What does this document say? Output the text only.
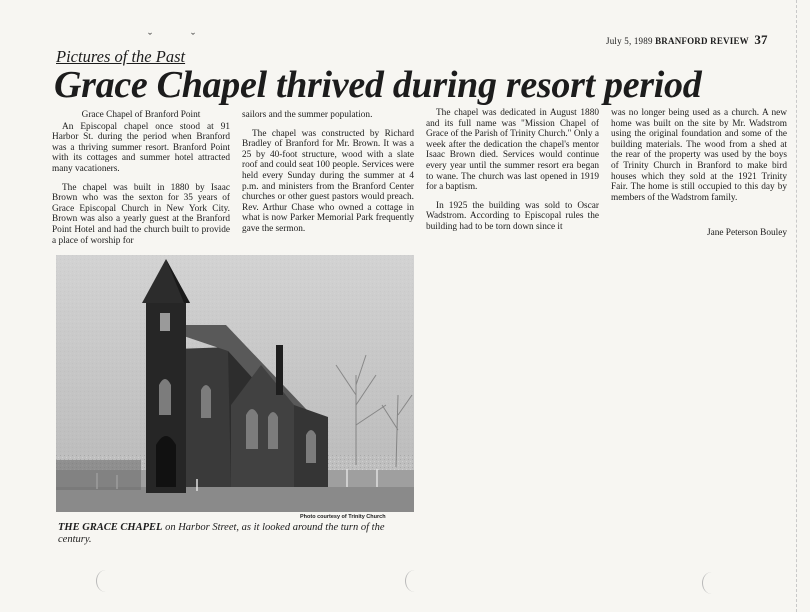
ˇ ˇ	July 5, 1989 BRANFORD REVIEW 37
Pictures of the Past
Grace Chapel thrived during resort period
Grace Chapel of Branford Point

An Episcopal chapel once stood at 91 Harbor St. during the period when Branford was a thriving summer resort. Branford Point with its cottages and summer hotel attracted many vacationers.

The chapel was built in 1880 by Isaac Brown who was the sexton for 35 years of Grace Episcopal Church in New York City. Brown was also a yearly guest at the Branford Point Hotel and had the church built to provide a place of worship for

sailors and the summer population.

The chapel was constructed by Richard Bradley of Branford for Mr. Brown. It was a 25 by 40-foot structure, wood with a slate roof and could seat 100 people. Services were held every Sunday during the summer at 4 p.m. and ministers from the Branford Center churches or other guest pastors would preach. Rev. Arthur Chase who owned a cottage in what is now Parker Memorial Park frequently gave the sermon.

The chapel was dedicated in August 1880 and its full name was "Mission Chapel of Grace of the Parish of Trinity Church." Only a week after the dedication the chapel's mentor Isaac Brown died. Services would continue every year until the summer resort era began to wane. The church was last opened in 1919 for a baptism.

In 1925 the building was sold to Oscar Wadstrom. According to Episcopal rules the building had to be torn down since it

was no longer being used as a church. A new home was built on the site by Mr. Wadstrom using the original foundation and some of the building materials. The wood from a shed at the rear of the property was used by the boys of Trinity Church in Branford to make bird houses which they sold at the 1921 Trinity Fair. The home is still occupied to this day by members of the Wadstrom family.

Jane Peterson Bouley
Photo courtesy of Trinity Church
THE GRACE CHAPEL on Harbor Street, as it looked around the turn of the century.
